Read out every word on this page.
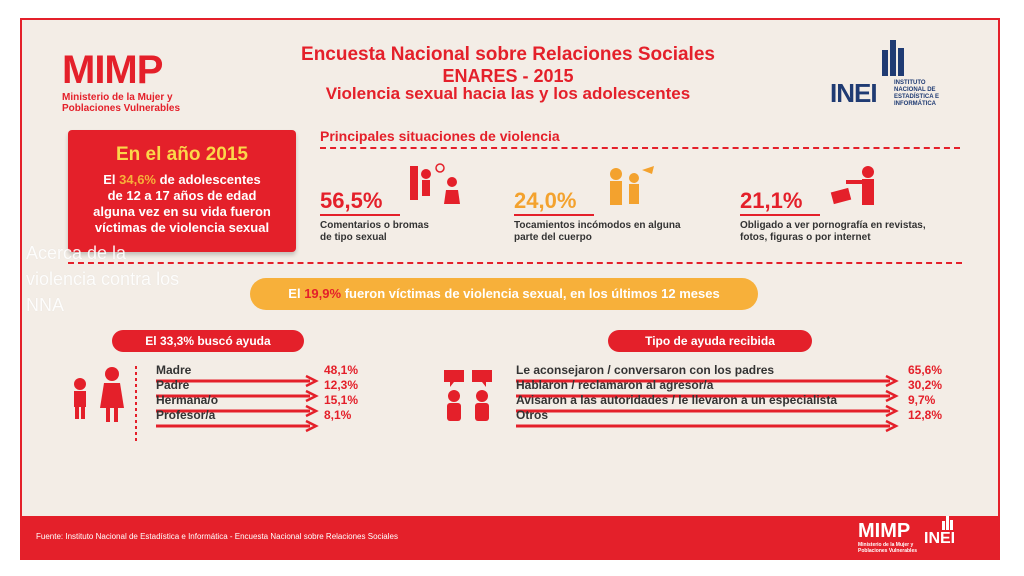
MIMP
Ministerio de la Mujer y Poblaciones Vulnerables
Encuesta Nacional sobre Relaciones Sociales
ENARES - 2015
Violencia sexual hacia las y los adolescentes	INEI	INSTITUTO NACIONAL DE ESTADÍSTICA E INFORMÁTICA
En el año 2015
El 34,6% de adolescentes
de 12 a 17 años de edad
alguna vez en su vida fueron
víctimas de violencia sexual
Principales situaciones de violencia
56,5%
Comentarios o bromas
de tipo sexual
24,0%
Tocamientos incómodos en alguna
parte del cuerpo
21,1%
Obligado a ver pornografía en revistas,
fotos, figuras o por internet
El 19,9% fueron víctimas de violencia sexual, en los últimos 12 meses
El 33,3% buscó ayuda
Madre	48,1%
Padre	12,3%
Hermana/o	15,1%
Profesor/a	8,1%
Tipo de ayuda recibida
Le aconsejaron / conversaron con los padres	65,6%
Hablaron / reclamaron al agresor/a	30,2%
Avisaron a las autoridades / le llevaron a un especialista	9,7%
Otros	12,8%
Fuente: Instituto Nacional de Estadística e Informática - Encuesta Nacional sobre Relaciones Sociales	MIMP
Ministerio de la Mujer y Poblaciones Vulnerables
INEI
Acerca de la violencia contra los NNA
